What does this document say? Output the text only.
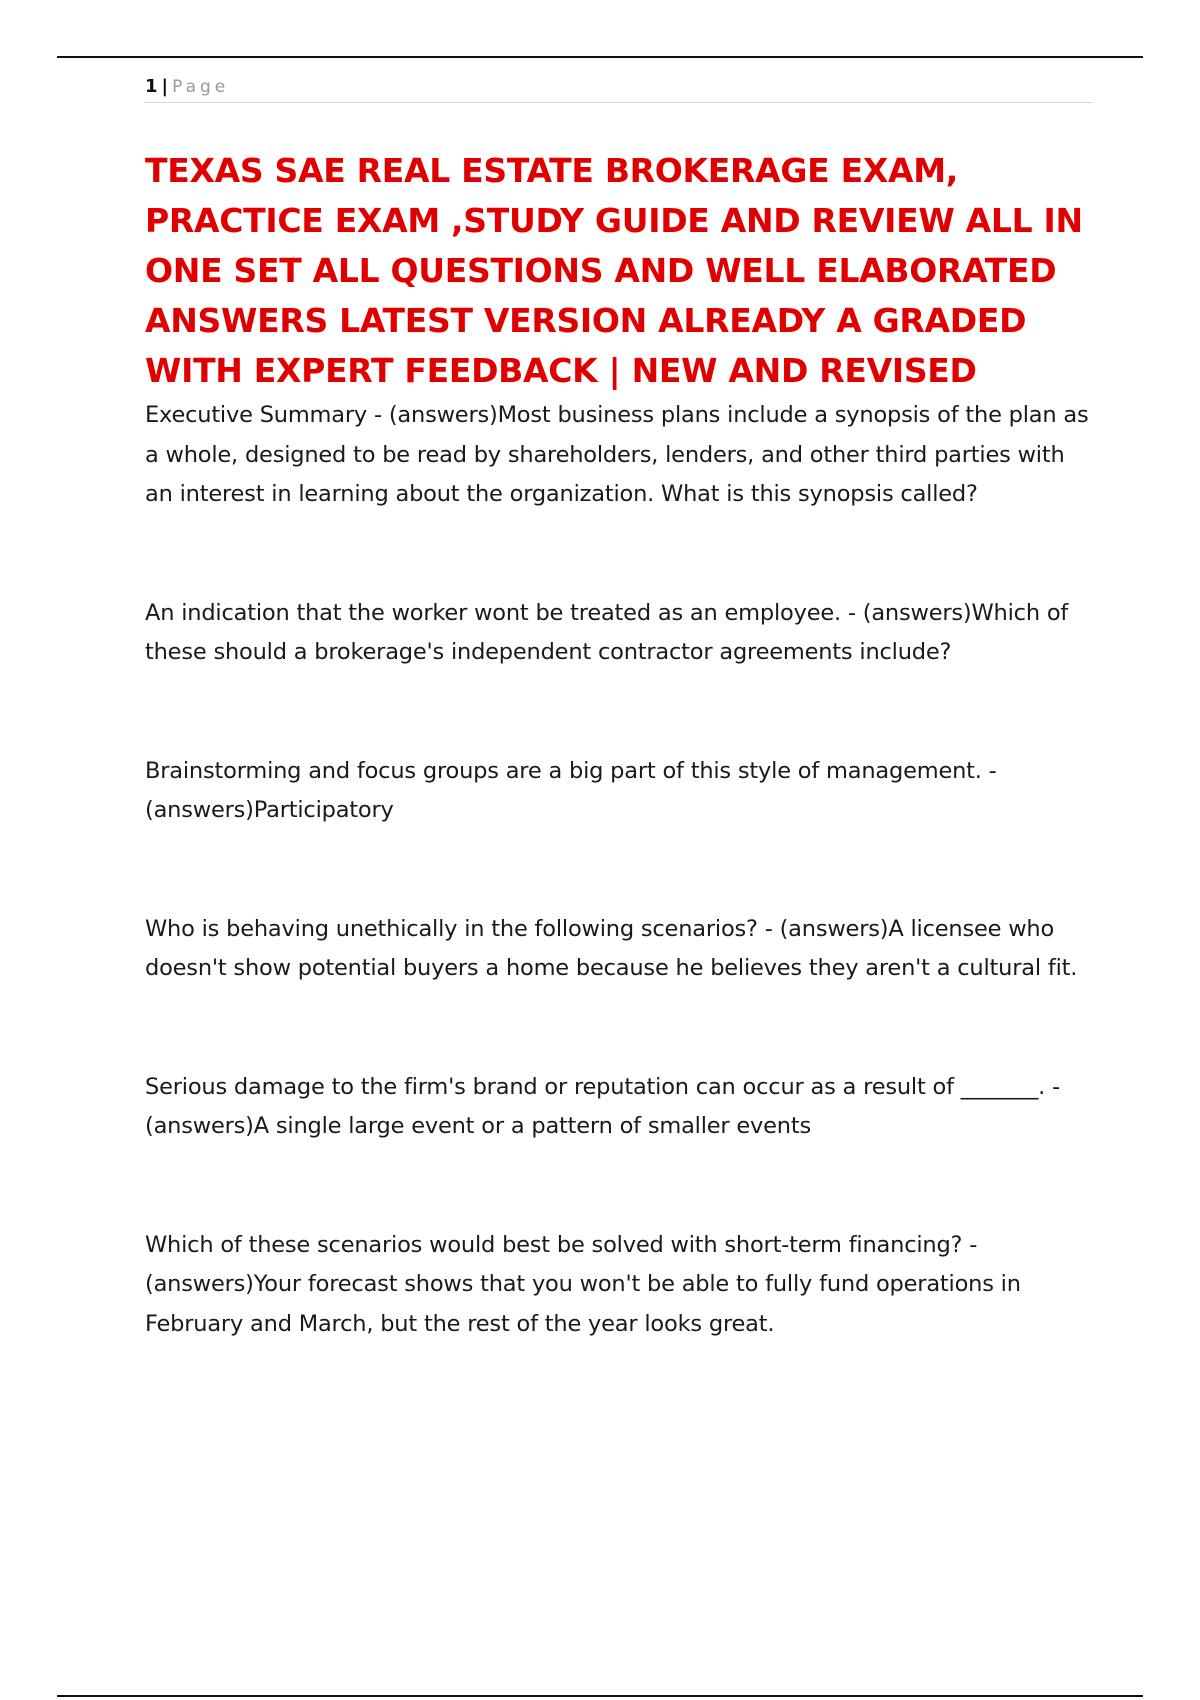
1 | Page
TEXAS SAE REAL ESTATE BROKERAGE EXAM, PRACTICE EXAM ,STUDY GUIDE AND REVIEW ALL IN ONE SET ALL QUESTIONS AND WELL ELABORATED ANSWERS LATEST VERSION ALREADY A GRADED WITH EXPERT FEEDBACK | NEW AND REVISED

Executive Summary - (answers)Most business plans include a synopsis of the plan as a whole, designed to be read by shareholders, lenders, and other third parties with an interest in learning about the organization. What is this synopsis called?

An indication that the worker wont be treated as an employee. - (answers)Which of these should a brokerage's independent contractor agreements include?

Brainstorming and focus groups are a big part of this style of management. - (answers)Participatory

Who is behaving unethically in the following scenarios? - (answers)A licensee who doesn't show potential buyers a home because he believes they aren't a cultural fit.

Serious damage to the firm's brand or reputation can occur as a result of _______. - (answers)A single large event or a pattern of smaller events

Which of these scenarios would best be solved with short-term financing? - (answers)Your forecast shows that you won't be able to fully fund operations in February and March, but the rest of the year looks great.
